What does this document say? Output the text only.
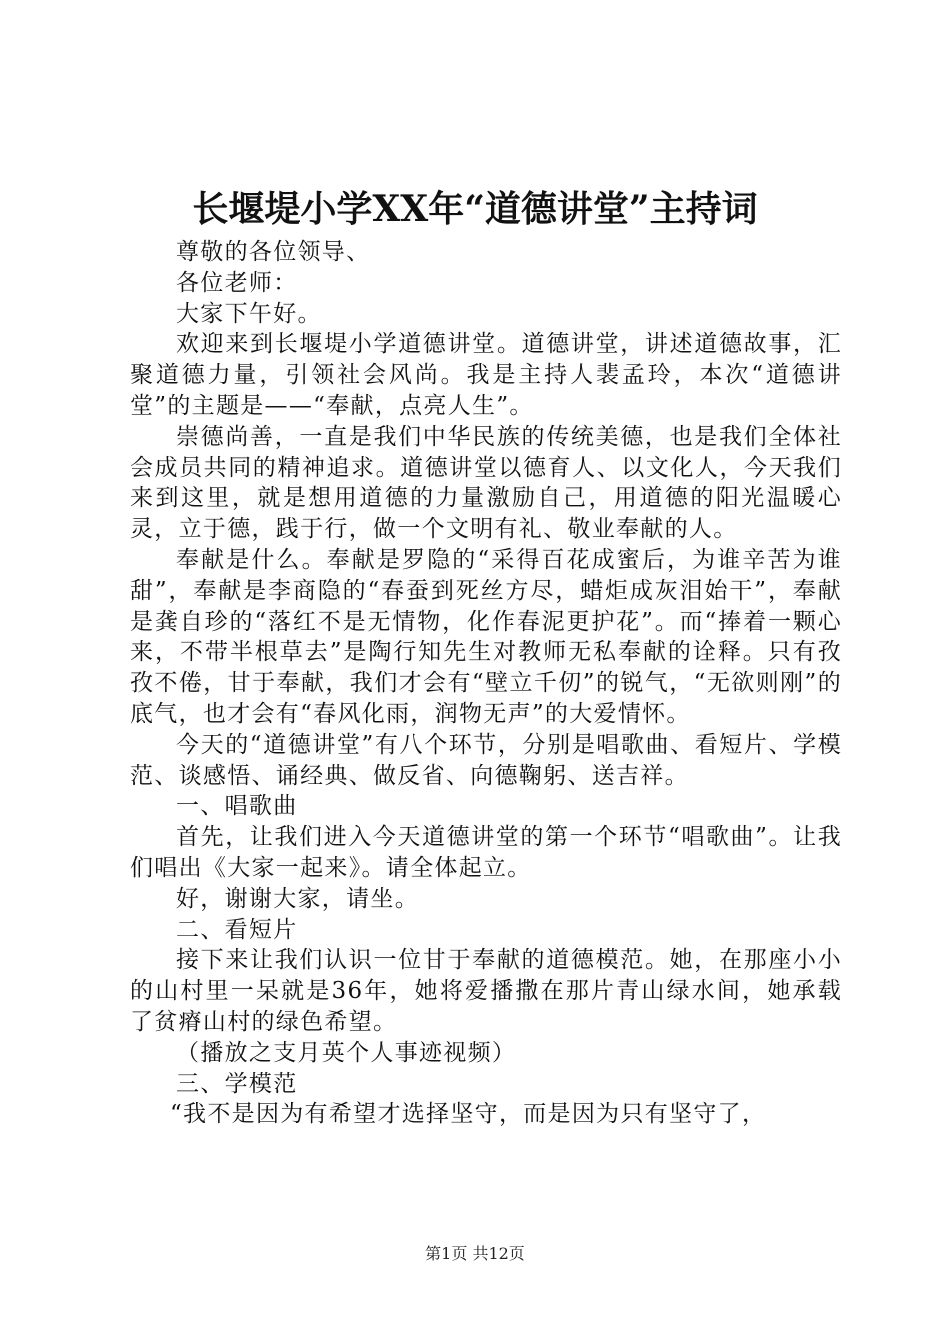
长堰堤小学XX年“道德讲堂”主持词

尊敬的各位领导、

各位老师：

大家下午好。

欢迎来到长堰堤小学道德讲堂。道德讲堂，讲述道德故事，汇聚道德力量，引领社会风尚。我是主持人裴孟玲，本次“道德讲堂”的主题是——“奉献，点亮人生”。

崇德尚善，一直是我们中华民族的传统美德，也是我们全体社会成员共同的精神追求。道德讲堂以德育人、以文化人，今天我们来到这里，就是想用道德的力量激励自己，用道德的阳光温暖心灵，立于德，践于行，做一个文明有礼、敬业奉献的人。

奉献是什么。奉献是罗隐的“采得百花成蜜后，为谁辛苦为谁甜”，奉献是李商隐的“春蚕到死丝方尽，蜡炬成灰泪始干”，奉献是龚自珍的“落红不是无情物，化作春泥更护花”。而“捧着一颗心来，不带半根草去”是陶行知先生对教师无私奉献的诠释。只有孜孜不倦，甘于奉献，我们才会有“壁立千仞”的锐气，“无欲则刚”的底气，也才会有“春风化雨，润物无声”的大爱情怀。

今天的“道德讲堂”有八个环节，分别是唱歌曲、看短片、学模范、谈感悟、诵经典、做反省、向德鞠躬、送吉祥。

一、唱歌曲

首先，让我们进入今天道德讲堂的第一个环节“唱歌曲”。让我们唱出《大家一起来》。请全体起立。

好，谢谢大家，请坐。

二、看短片

接下来让我们认识一位甘于奉献的道德模范。她，在那座小小的山村里一呆就是36年，她将爱播撒在那片青山绿水间，她承载了贫瘠山村的绿色希望。

（播放之支月英个人事迹视频）

三、学模范

“我不是因为有希望才选择坚守，而是因为只有坚守了，

第1页 共12页
